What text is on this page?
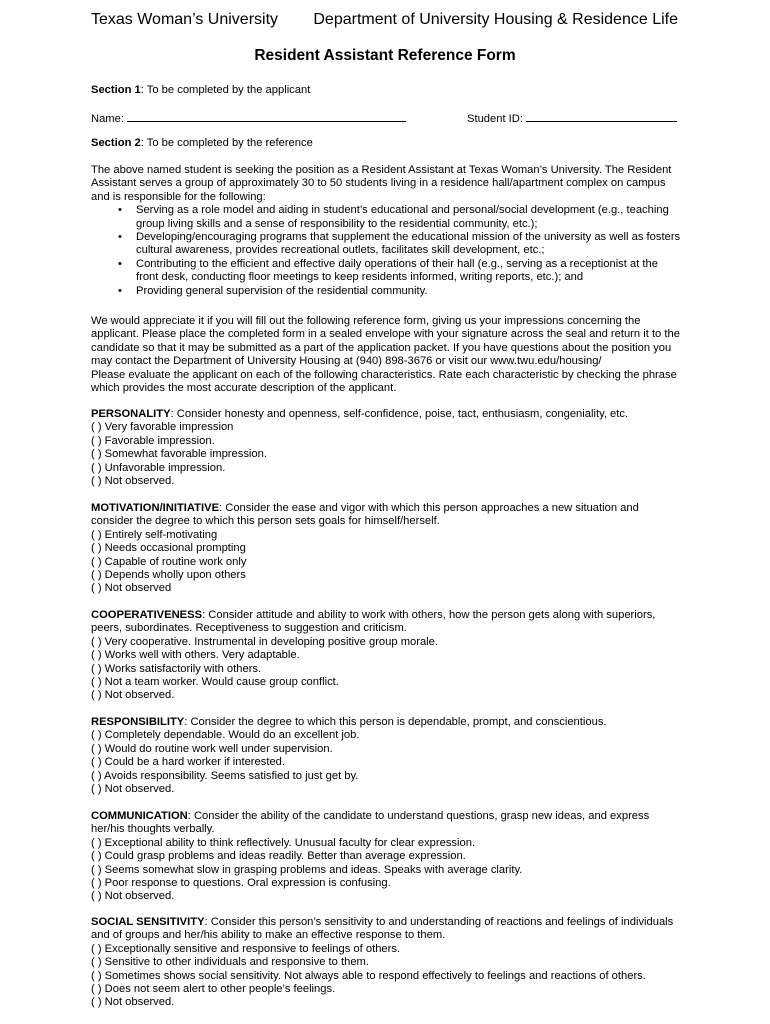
Texas Woman’s University Department of University Housing & Residence Life
Resident Assistant Reference Form
Section 1: To be completed by the applicant
Name:	Student ID:
Section 2: To be completed by the reference
The above named student is seeking the position as a Resident Assistant at Texas Woman’s University. The Resident Assistant serves a group of approximately 30 to 50 students living in a residence hall/apartment complex on campus and is responsible for the following:
• Serving as a role model and aiding in student’s educational and personal/social development (e.g., teaching group living skills and a sense of responsibility to the residential community, etc.);
• Developing/encouraging programs that supplement the educational mission of the university as well as fosters cultural awareness, provides recreational outlets, facilitates skill development, etc.;
• Contributing to the efficient and effective daily operations of their hall (e.g., serving as a receptionist at the front desk, conducting floor meetings to keep residents informed, writing reports, etc.); and
• Providing general supervision of the residential community.
We would appreciate it if you will fill out the following reference form, giving us your impressions concerning the applicant. Please place the completed form in a sealed envelope with your signature across the seal and return it to the candidate so that it may be submitted as a part of the application packet. If you have questions about the position you may contact the Department of University Housing at (940) 898-3676 or visit our www.twu.edu/housing/
Please evaluate the applicant on each of the following characteristics. Rate each characteristic by checking the phrase which provides the most accurate description of the applicant.
PERSONALITY: Consider honesty and openness, self-confidence, poise, tact, enthusiasm, congeniality, etc.
( ) Very favorable impression
( ) Favorable impression.
( ) Somewhat favorable impression.
( ) Unfavorable impression.
( ) Not observed.
MOTIVATION/INITIATIVE: Consider the ease and vigor with which this person approaches a new situation and consider the degree to which this person sets goals for himself/herself.
( ) Entirely self-motivating
( ) Needs occasional prompting
( ) Capable of routine work only
( ) Depends wholly upon others
( ) Not observed
COOPERATIVENESS: Consider attitude and ability to work with others, how the person gets along with superiors, peers, subordinates. Receptiveness to suggestion and criticism.
( ) Very cooperative. Instrumental in developing positive group morale.
( ) Works well with others. Very adaptable.
( ) Works satisfactorily with others.
( ) Not a team worker. Would cause group conflict.
( ) Not observed.
RESPONSIBILITY: Consider the degree to which this person is dependable, prompt, and conscientious.
( ) Completely dependable. Would do an excellent job.
( ) Would do routine work well under supervision.
( ) Could be a hard worker if interested.
( ) Avoids responsibility. Seems satisfied to just get by.
( ) Not observed.
COMMUNICATION: Consider the ability of the candidate to understand questions, grasp new ideas, and express her/his thoughts verbally.
( ) Exceptional ability to think reflectively. Unusual faculty for clear expression.
( ) Could grasp problems and ideas readily. Better than average expression.
( ) Seems somewhat slow in grasping problems and ideas. Speaks with average clarity.
( ) Poor response to questions. Oral expression is confusing.
( ) Not observed.
SOCIAL SENSITIVITY: Consider this person’s sensitivity to and understanding of reactions and feelings of individuals and of groups and her/his ability to make an effective response to them.
( ) Exceptionally sensitive and responsive to feelings of others.
( ) Sensitive to other individuals and responsive to them.
( ) Sometimes shows social sensitivity. Not always able to respond effectively to feelings and reactions of others.
( ) Does not seem alert to other people’s feelings.
( ) Not observed.
